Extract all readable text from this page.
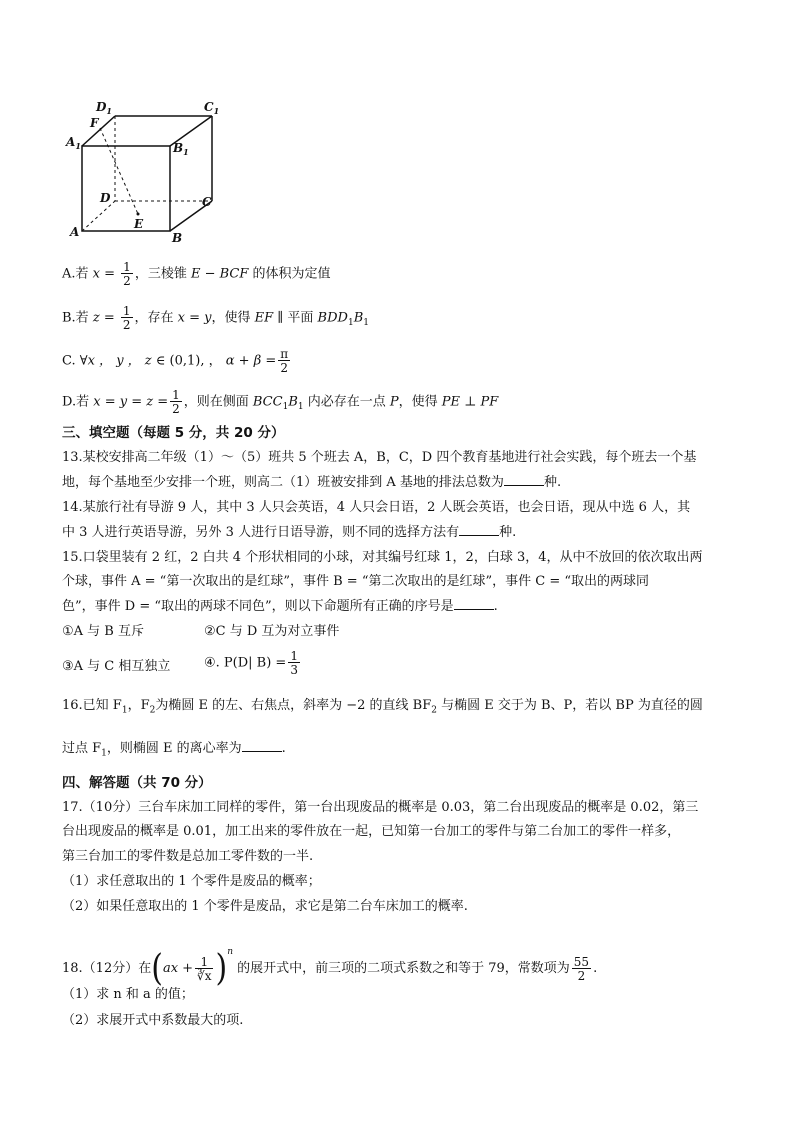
$D_1$	$C_1$
F
$A_1$	$B_1$
D	C
E
A	B
A.若 $x = \frac{1}{2}$ ，三棱锥 E − BCF 的体积为定值
B.若 $z = \frac{1}{2}$ ，存在 x = y，使得 EF ∥ 平面 $BDD_1B_1$
C. ∀x ， y ， z ∈ (0,1), ， $\alpha + \beta = \frac{\pi}{2}$
D.若 $x = y = z = \frac{1}{2}$ ，则在侧面 $BCC_1B_1$ 内必存在一点 P，使得 PE ⊥ PF
三、填空题（每题 5 分，共 20 分）
13.某校安排高二年级（1）～（5）班共 5 个班去 A，B，C，D 四个教育基地进行社会实践，每个班去一个基
地，每个基地至少安排一个班，则高二（1）班被安排到 A 基地的排法总数为	种.
14.某旅行社有导游 9 人，其中 3 人只会英语，4 人只会日语，2 人既会英语，也会日语，现从中选 6 人，其
中 3 人进行英语导游，另外 3 人进行日语导游，则不同的选择方法有	种.
15.口袋里装有 2 红，2 白共 4 个形状相同的小球，对其编号红球 1，2，白球 3，4，从中不放回的依次取出两
个球，事件 A = “第一次取出的是红球”，事件 B = “第二次取出的是红球”，事件 C = “取出的两球同
色”，事件 D = “取出的两球不同色”，则以下命题所有正确的序号是	.
①A 与 B 互斥	②C 与 D 互为对立事件
③A 与 C 相互独立	④. P(D| $B) = \frac{1}{3}$
16.已知 $F_1$，$F_2$为椭圆 E 的左、右焦点，斜率为 −2 的直线 $BF_2$ 与椭圆 E 交于为 B、P，若以 BP 为直径的圆
过点 $F_1$，则椭圆 E 的离心率为	.
四、解答题（共 70 分）
17.（10分）三台车床加工同样的零件，第一台出现废品的概率是 0.03，第二台出现废品的概率是 0.02，第三
台出现废品的概率是 0.01，加工出来的零件放在一起，已知第一台加工的零件与第二台加工的零件一样多，
第三台加工的零件数是总加工零件数的一半.
（1）求任意取出的 1 个零件是废品的概率；
（2）如果任意取出的 1 个零件是废品，求它是第二台车床加工的概率.
18.（12分）在$(ax + \frac{1}{∛x} )^n$ 的展开式中，前三项的二项式系数之和等于 79，常数项为 $\frac{55}{2}$ .
（1）求 n 和 a 的值；
（2）求展开式中系数最大的项.
